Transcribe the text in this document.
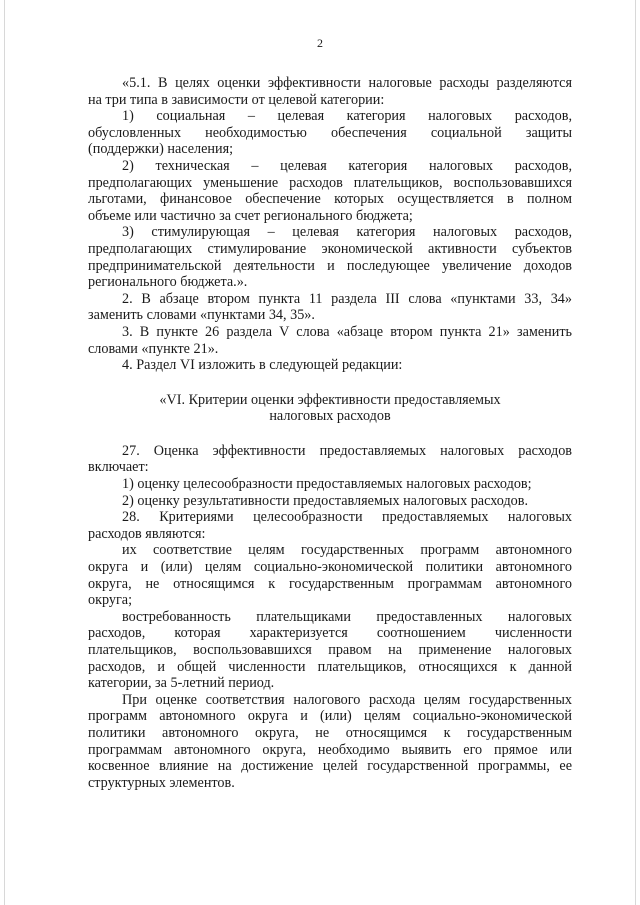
2

«5.1. В целях оценки эффективности налоговые расходы разделяются

на три типа в зависимости от целевой категории:

1) социальная – целевая категория налоговых расходов,

обусловленных необходимостью обеспечения социальной защиты

(поддержки) населения;

2) техническая – целевая категория налоговых расходов,

предполагающих уменьшение расходов плательщиков, воспользовавшихся

льготами, финансовое обеспечение которых осуществляется в полном

объеме или частично за счет регионального бюджета;

3) стимулирующая – целевая категория налоговых расходов,

предполагающих стимулирование экономической активности субъектов

предпринимательской деятельности и последующее увеличение доходов

регионального бюджета.».

2. В абзаце втором пункта 11 раздела III слова «пунктами 33, 34»

заменить словами «пунктами 34, 35».

3. В пункте 26 раздела V слова «абзаце втором пункта 21» заменить

словами «пункте 21».

4. Раздел VI изложить в следующей редакции:

«VI. Критерии оценки эффективности предоставляемых

налоговых расходов

27. Оценка эффективности предоставляемых налоговых расходов

включает:

1) оценку целесообразности предоставляемых налоговых расходов;

2) оценку результативности предоставляемых налоговых расходов.

28. Критериями целесообразности предоставляемых налоговых

расходов являются:

их соответствие целям государственных программ автономного

округа и (или) целям социально-экономической политики автономного

округа, не относящимся к государственным программам автономного

округа;

востребованность плательщиками предоставленных налоговых

расходов, которая характеризуется соотношением численности

плательщиков, воспользовавшихся правом на применение налоговых

расходов, и общей численности плательщиков, относящихся к данной

категории, за 5-летний период.

При оценке соответствия налогового расхода целям государственных

программ автономного округа и (или) целям социально-экономической

политики автономного округа, не относящимся к государственным

программам автономного округа, необходимо выявить его прямое или

косвенное влияние на достижение целей государственной программы, ее

структурных элементов.
